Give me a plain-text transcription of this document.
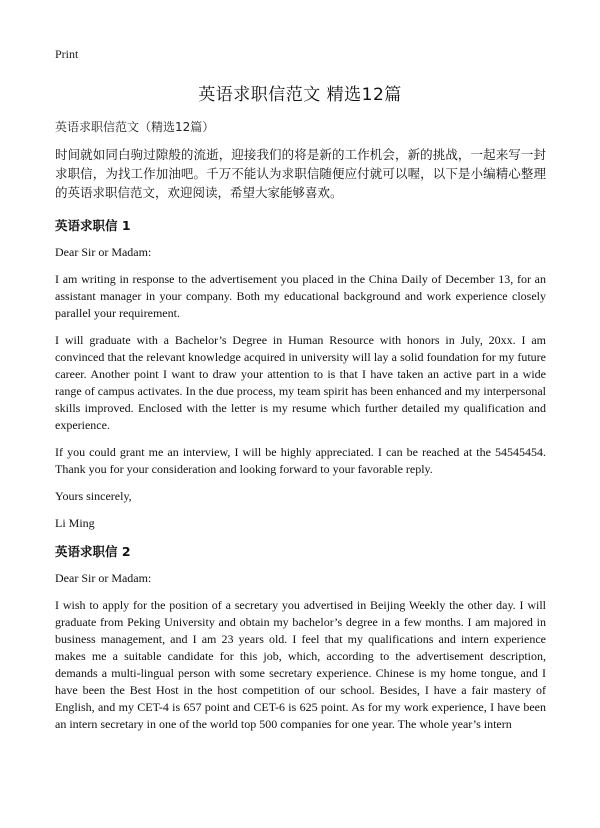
Print
英语求职信范文 精选12篇

英语求职信范文（精选12篇）

时间就如同白驹过隙般的流逝，迎接我们的将是新的工作机会，新的挑战，一起来写一封求职信，为找工作加油吧。千万不能认为求职信随便应付就可以喔，以下是小编精心整理的英语求职信范文，欢迎阅读，希望大家能够喜欢。

英语求职信 1

Dear Sir or Madam:

I am writing in response to the advertisement you placed in the China Daily of December 13, for an assistant manager in your company. Both my educational background and work experience closely parallel your requirement.

I will graduate with a Bachelor’s Degree in Human Resource with honors in July, 20xx. I am convinced that the relevant knowledge acquired in university will lay a solid foundation for my future career. Another point I want to draw your attention to is that I have taken an active part in a wide range of campus activates. In the due process, my team spirit has been enhanced and my interpersonal skills improved. Enclosed with the letter is my resume which further detailed my qualification and experience.

If you could grant me an interview, I will be highly appreciated. I can be reached at the 54545454. Thank you for your consideration and looking forward to your favorable reply.

Yours sincerely,

Li Ming

英语求职信 2

Dear Sir or Madam:

I wish to apply for the position of a secretary you advertised in Beijing Weekly the other day. I will graduate from Peking University and obtain my bachelor’s degree in a few months. I am majored in business management, and I am 23 years old. I feel that my qualifications and intern experience makes me a suitable candidate for this job, which, according to the advertisement description, demands a multi-lingual person with some secretary experience. Chinese is my home tongue, and I have been the Best Host in the host competition of our school. Besides, I have a fair mastery of English, and my CET-4 is 657 point and CET-6 is 625 point. As for my work experience, I have been an intern secretary in one of the world top 500 companies for one year. The whole year’s intern
